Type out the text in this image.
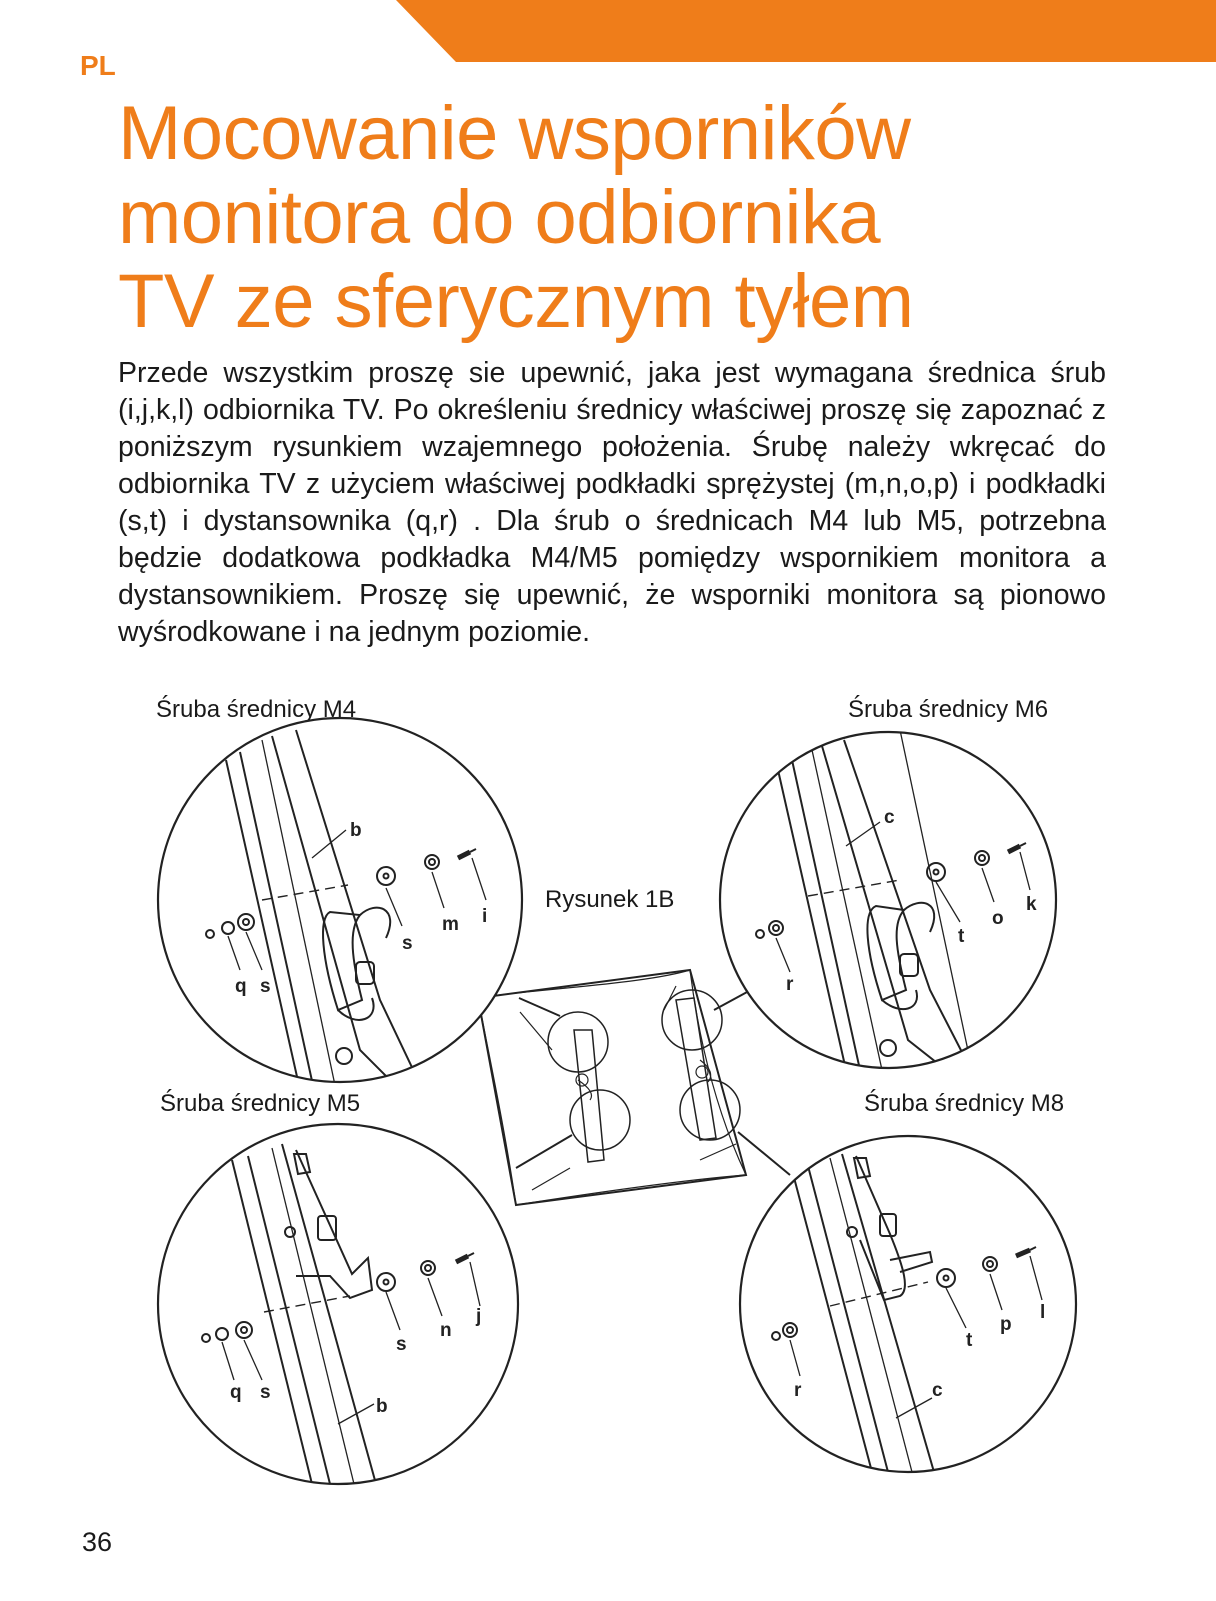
PL
Mocowanie wsporników
monitora do odbiornika
TV ze sferycznym tyłem

Przede wszystkim proszę sie upewnić, jaka jest wymagana średnica śrub (i,j,k,l) odbiornika TV. Po określeniu średnicy właściwej proszę się zapoznać z poniższym rysunkiem wzajemnego położenia. Śrubę należy wkręcać do odbiornika TV z użyciem właściwej podkładki sprężystej (m,n,o,p) i podkładki (s,t) i dystansownika (q,r) . Dla śrub o średnicach M4 lub M5, potrzebna będzie dodatkowa podkładka M4/M5 pomiędzy wspornikiem monitora a dystansownikiem. Proszę się upewnić, że wsporniki monitora są pionowo wyśrodkowane i na jednym poziomie.

Śruba średnicy M4	Śruba średnicy M6
Rysunek 1B
Śruba średnicy M5	Śruba średnicy M8
b
s
m i
q s
c
t
o
k
r
s
n
j
q s
b
t
p
l
r	c
36
